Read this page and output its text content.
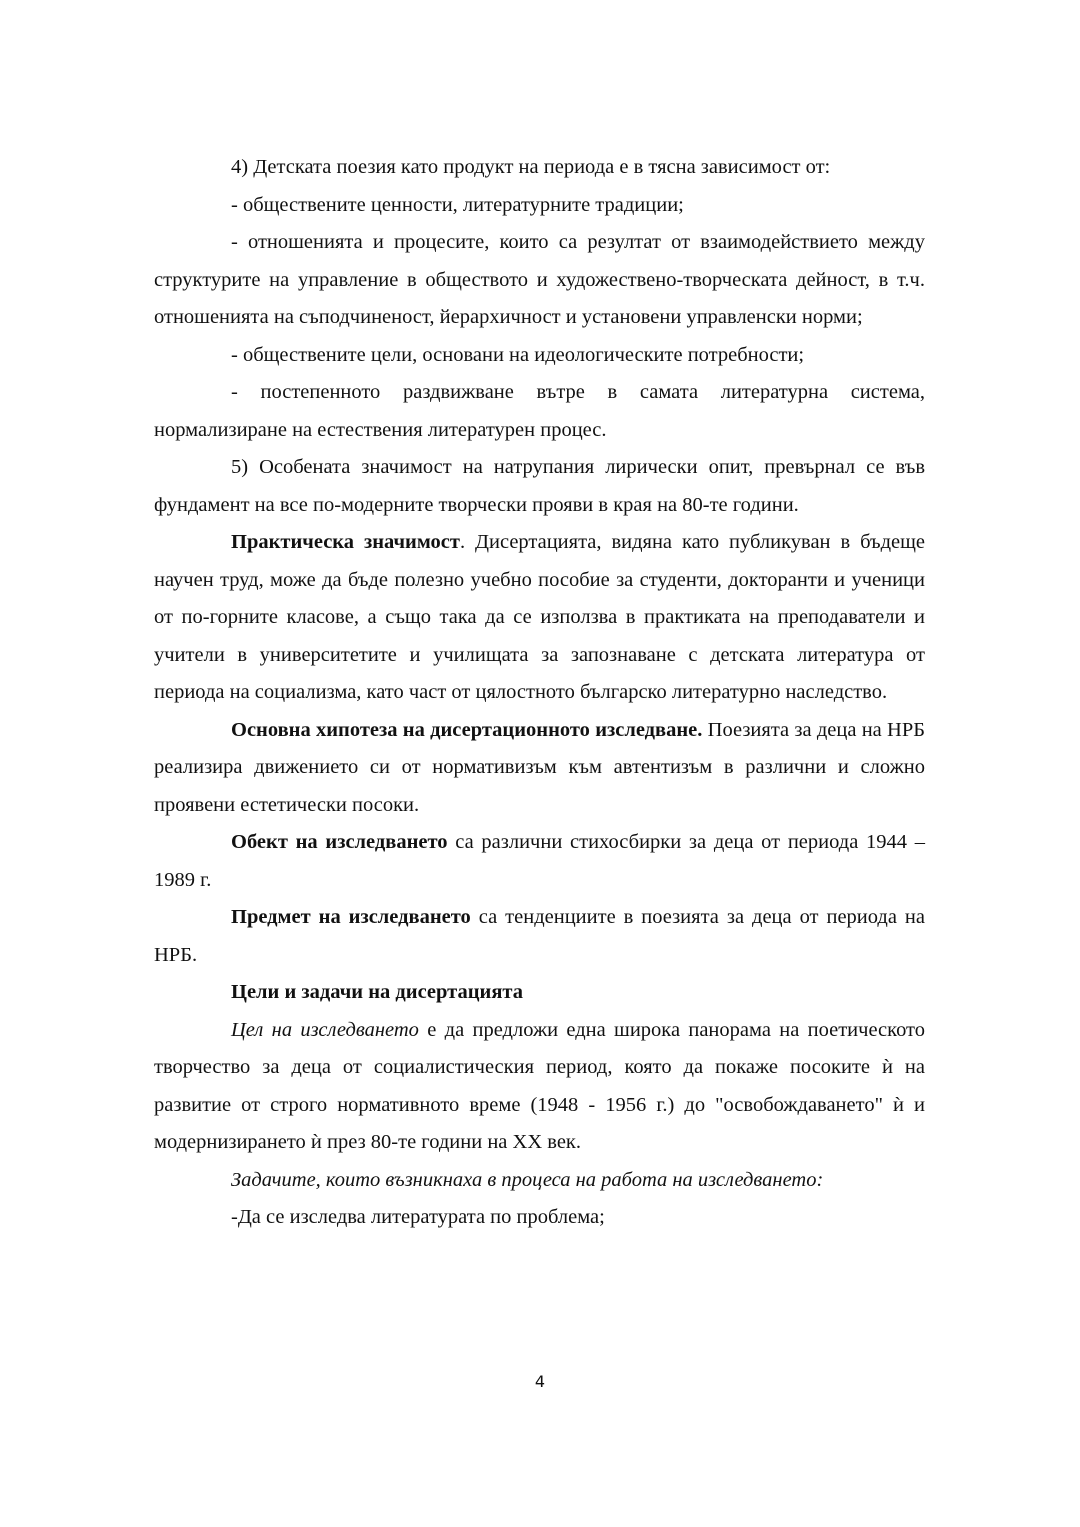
4) Детската поезия като продукт на периода е в тясна зависимост от:

- обществените ценности, литературните традиции;

- отношенията и процесите, които са резултат от взаимодействието между структурите на управление в обществото и художествено-творческата дейност, в т.ч. отношенията на съподчиненост, йерархичност и установени управленски норми;

- обществените цели, основани на идеологическите потребности;

- постепенното раздвижване вътре в самата литературна система, нормализиране на естествения литературен процес.

5) Особената значимост на натрупания лирически опит, превърнал се във фундамент на все по-модерните творчески прояви в края на 80-те години.

Практическа значимост. Дисертацията, видяна като публикуван в бъдеще научен труд, може да бъде полезно учебно пособие за студенти, докторанти и ученици от по-горните класове, а също така да се използва в практиката на преподаватели и учители в университетите и училищата за запознаване с детската литература от периода на социализма, като част от цялостното българско литературно наследство.

Основна хипотеза на дисертационното изследване. Поезията за деца на НРБ реализира движението си от нормативизъм към автентизъм в различни и сложно проявени естетически посоки.

Обект на изследването са различни стихосбирки за деца от периода 1944 – 1989 г.

Предмет на изследването са тенденциите в поезията за деца от периода на НРБ.

Цели и задачи на дисертацията

Цел на изследването е да предложи една широка панорама на поетическото творчество за деца от социалистическия период, която да покаже посоките ѝ на развитие от строго нормативното време (1948 - 1956 г.) до "освобождаването" ѝ и модернизирането ѝ през 80-те години на XX век.

Задачите, които възникнаха в процеса на работа на изследването:

-Да се изследва литературата по проблема;

4
